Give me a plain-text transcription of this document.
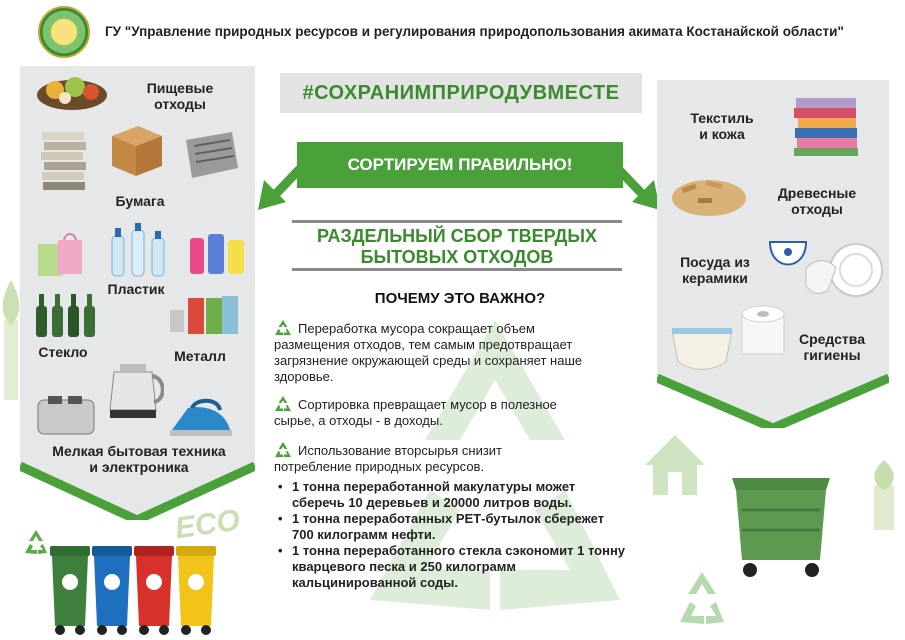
ГУ "Управление природных ресурсов и регулирования природопользования акимата Костанайской области"
Пищевые
отходы
Бумага
Пластик
Стекло	Металл
Мелкая бытовая техника
и электроника
ECO
#СОХРАНИМПРИРОДУВМЕСТЕ
СОРТИРУЕМ ПРАВИЛЬНО!
РАЗДЕЛЬНЫЙ СБОР ТВЕРДЫХ
БЫТОВЫХ ОТХОДОВ
ПОЧЕМУ ЭТО ВАЖНО?
Переработка мусора сокращает объем
размещения отходов, тем самым предотвращает
загрязнение окружающей среды и сохраняет наше
здоровье.
Сортировка превращает мусор в полезное
сырье, а отходы - в доходы.
Использование вторсырья снизит
потребление природных ресурсов.
• 1 тонна переработанной макулатуры может
сберечь 10 деревьев и 20000 литров воды.
• 1 тонна переработанных РЕТ-бутылок сбережет
700 килограмм нефти.
• 1 тонна переработанного стекла сэкономит 1 тонну
кварцевого песка и 250 килограмм
кальцинированной соды.
Текстиль
и кожа
Древесные
отходы
Посуда из
керамики
Средства
гигиены
